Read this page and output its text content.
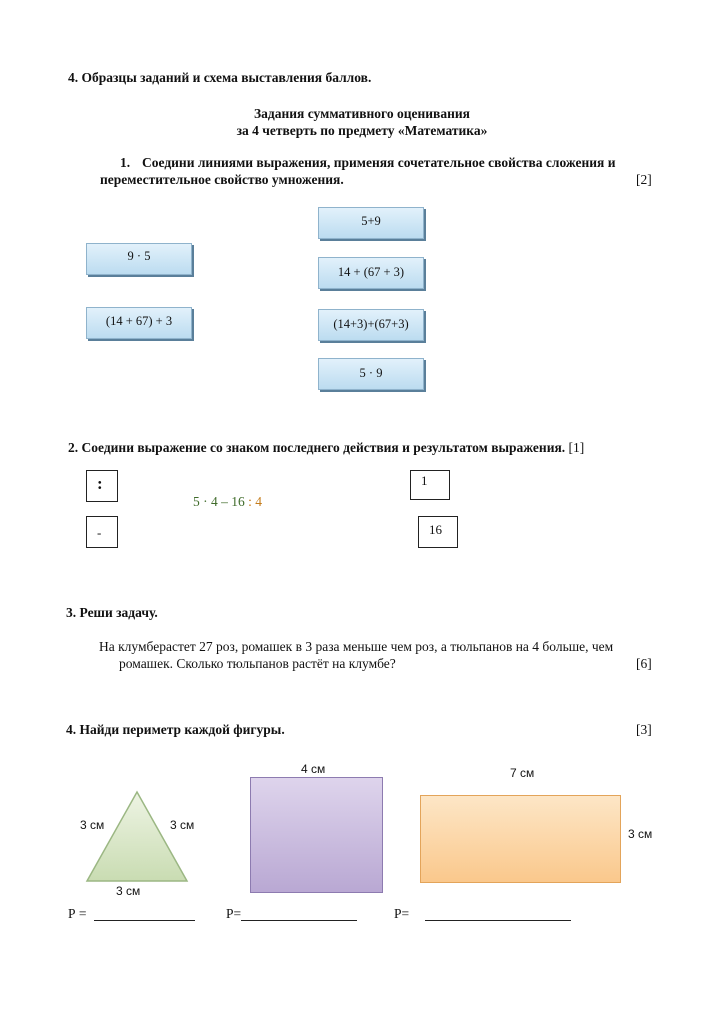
4. Образцы заданий и схема выставления баллов.
Задания суммативного оценивания
за 4 четверть по предмету «Математика»
1. Соедини линиями выражения, применяя сочетательное свойства сложения и
переместительное свойство умножения.	[2]
9 · 5
(14 + 67) + 3
5+9
14 + (67 + 3)
(14+3)+(67+3)
5 · 9
2. Соедини выражение со знаком последнего действия и результатом выражения. [1]
:
-
5 · 4 – 16 : 4
1
16
3. Реши задачу.
На клумберастет 27 роз, ромашек в 3 раза меньше чем роз, а тюльпанов на 4 больше, чем
ромашек. Сколько тюльпанов растёт на клумбе?	[6]
4. Найди периметр каждой фигуры.	[3]
3 см	3 см
3 см
4 см	7 см
3 см
Р =	Р=	Р=
